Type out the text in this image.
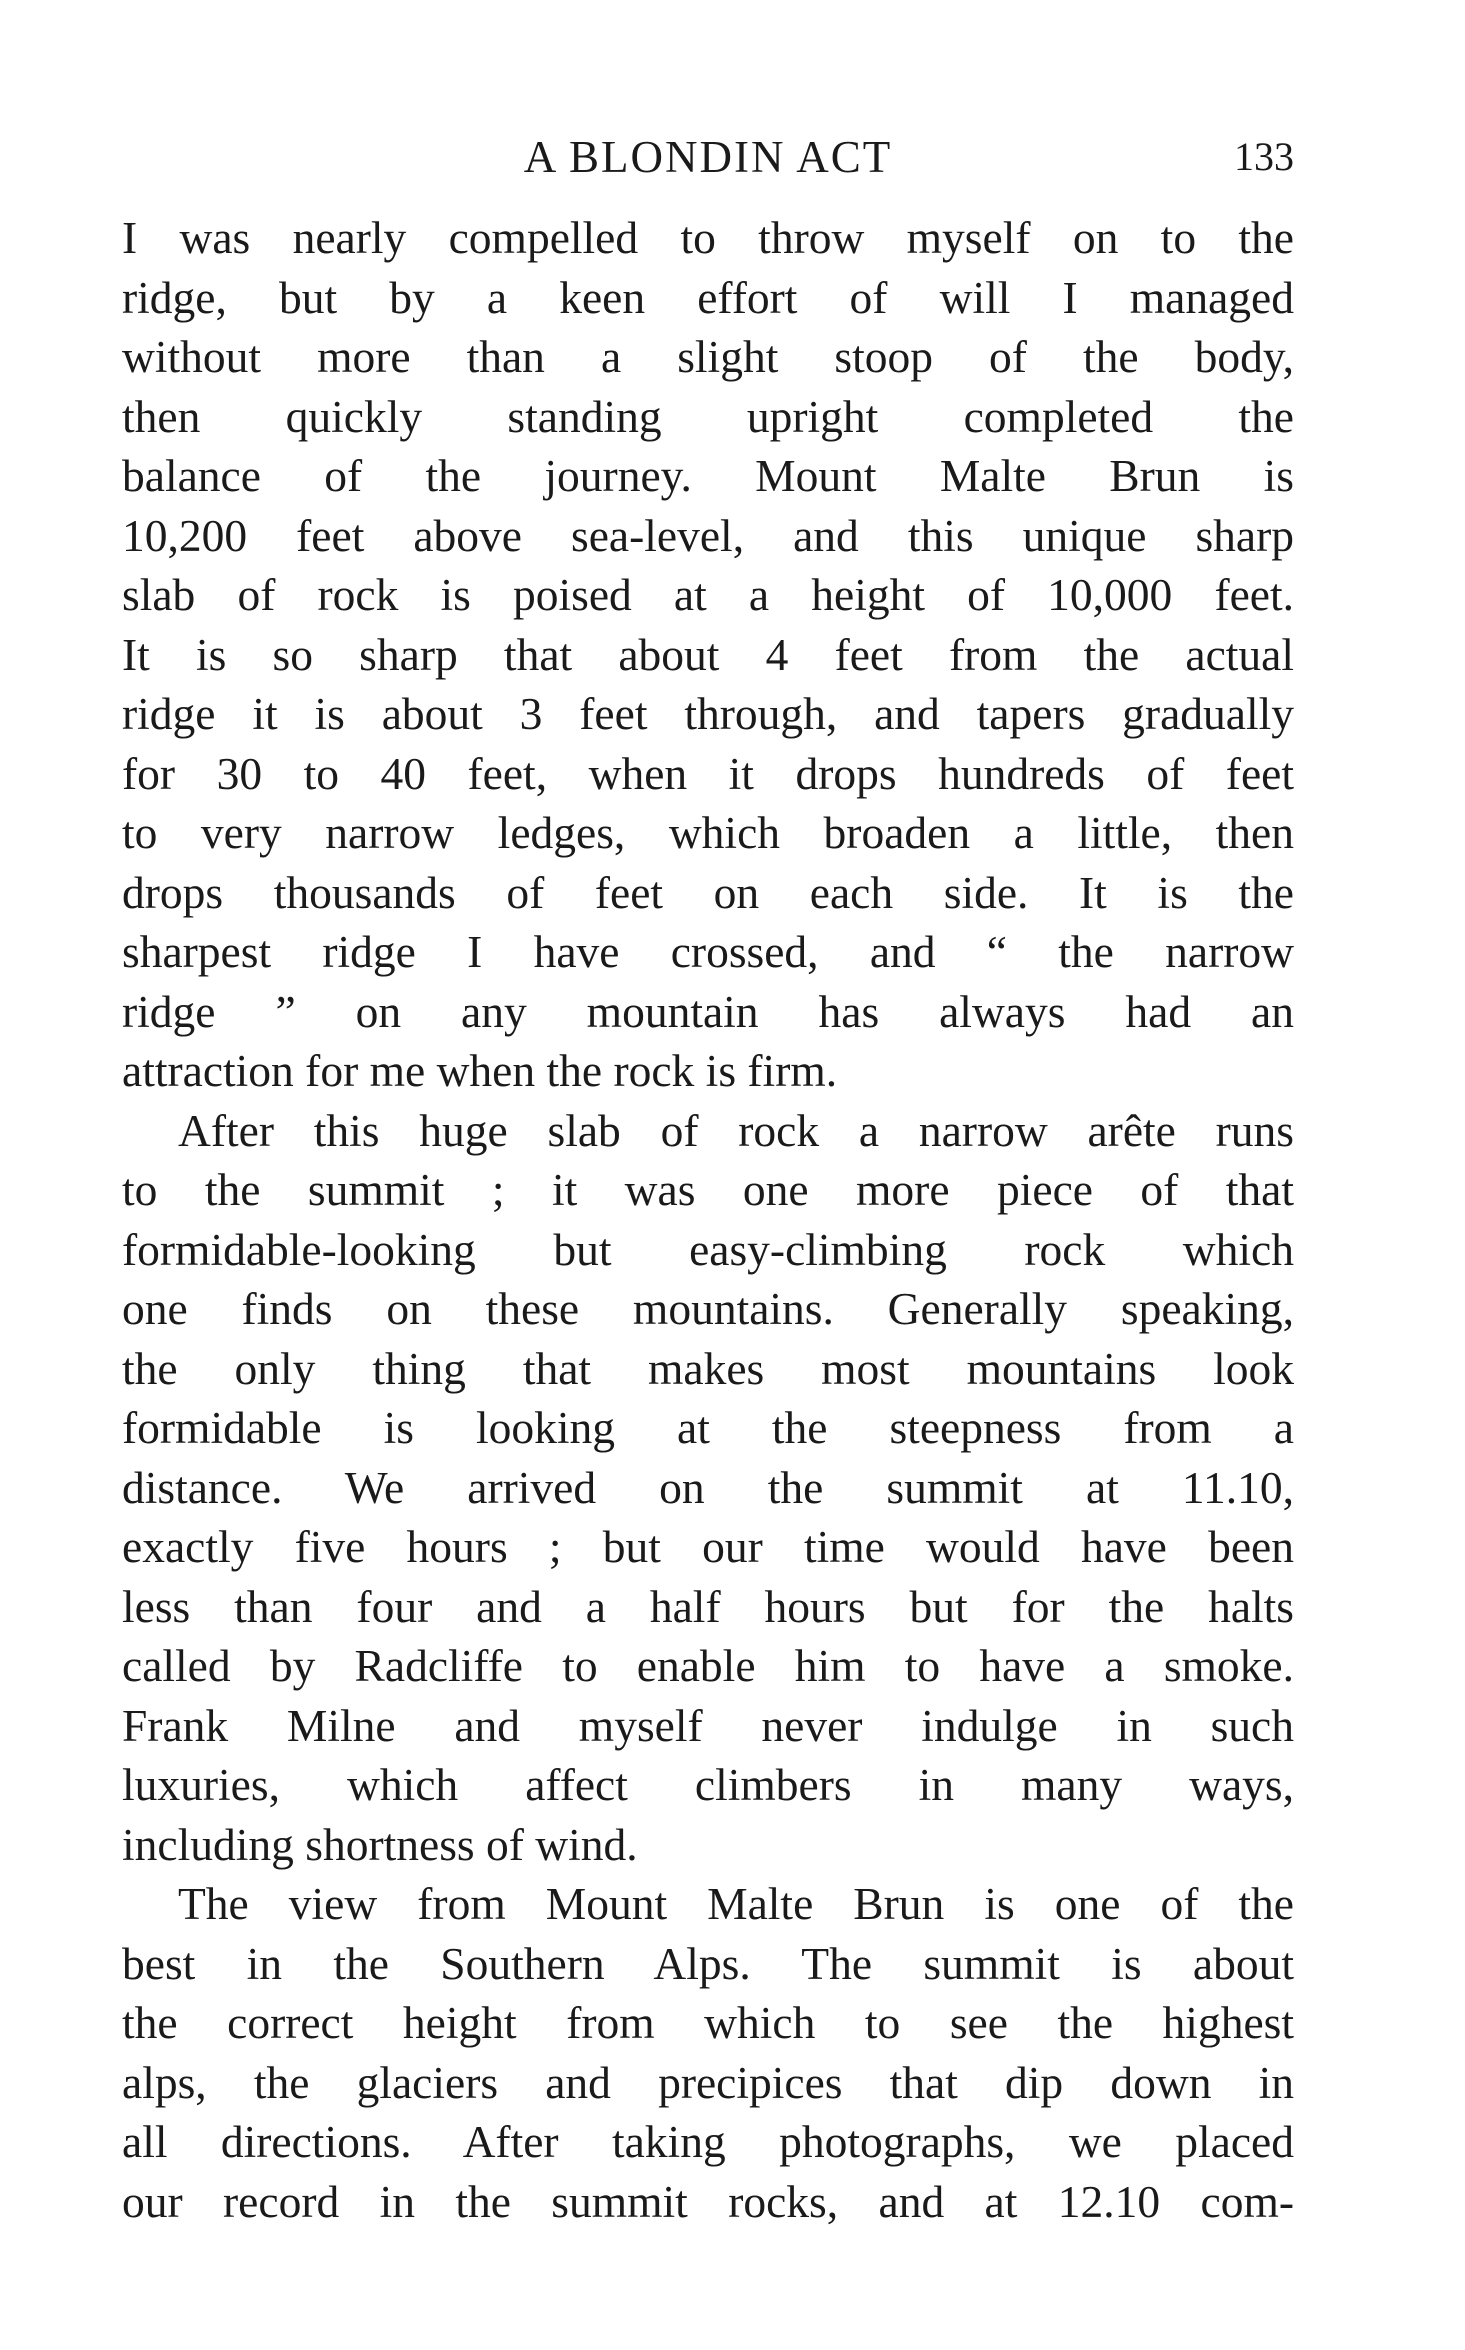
A BLONDIN ACT	133

I was nearly compelled to throw myself on to the
ridge, but by a keen effort of will I managed
without more than a slight stoop of the body,
then quickly standing upright completed the
balance of the journey. Mount Malte Brun is
10,200 feet above sea-level, and this unique sharp
slab of rock is poised at a height of 10,000 feet.
It is so sharp that about 4 feet from the actual
ridge it is about 3 feet through, and tapers gradually
for 30 to 40 feet, when it drops hundreds of feet
to very narrow ledges, which broaden a little, then
drops thousands of feet on each side. It is the
sharpest ridge I have crossed, and “ the narrow
ridge ” on any mountain has always had an
attraction for me when the rock is firm.

After this huge slab of rock a narrow arête runs
to the summit ; it was one more piece of that
formidable-looking but easy-climbing rock which
one finds on these mountains. Generally speaking,
the only thing that makes most mountains look
formidable is looking at the steepness from a
distance. We arrived on the summit at 11.10,
exactly five hours ; but our time would have been
less than four and a half hours but for the halts
called by Radcliffe to enable him to have a smoke.
Frank Milne and myself never indulge in such
luxuries, which affect climbers in many ways,
including shortness of wind.

The view from Mount Malte Brun is one of the
best in the Southern Alps. The summit is about
the correct height from which to see the highest
alps, the glaciers and precipices that dip down in
all directions. After taking photographs, we placed
our record in the summit rocks, and at 12.10 com-
